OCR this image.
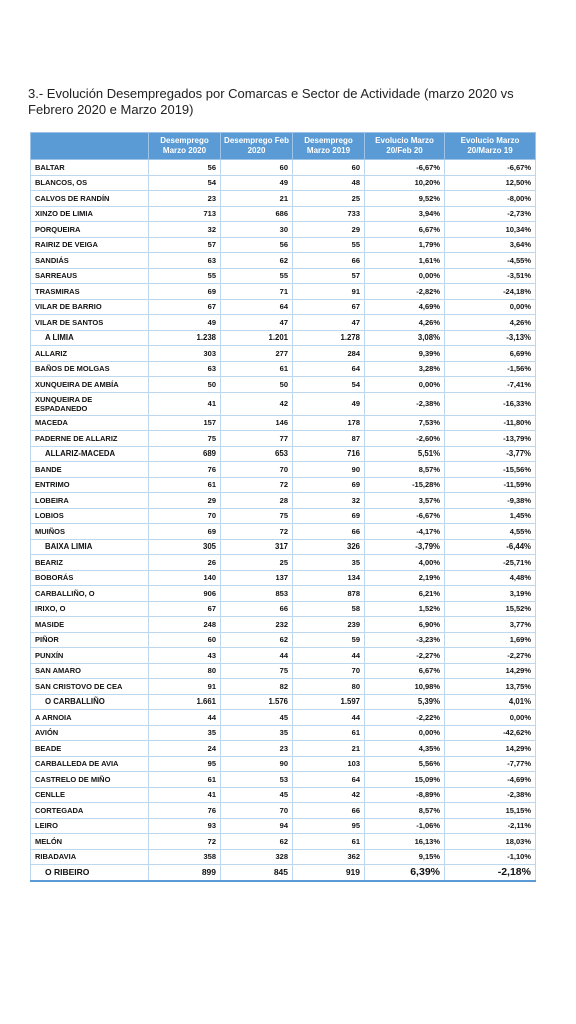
3.- Evolución Desempregados por Comarcas e Sector de Actividade (marzo 2020 vs Febrero 2020 e Marzo 2019)
	Desemprego Marzo 2020	Desemprego Feb 2020	Desemprego Marzo 2019	Evolucio Marzo 20/Feb 20	Evolucio Marzo 20/Marzo 19
BALTAR	56	60	60	-6,67%	-6,67%
BLANCOS, OS	54	49	48	10,20%	12,50%
CALVOS DE RANDÍN	23	21	25	9,52%	-8,00%
XINZO DE LIMIA	713	686	733	3,94%	-2,73%
PORQUEIRA	32	30	29	6,67%	10,34%
RAIRIZ DE VEIGA	57	56	55	1,79%	3,64%
SANDIÁS	63	62	66	1,61%	-4,55%
SARREAUS	55	55	57	0,00%	-3,51%
TRASMIRAS	69	71	91	-2,82%	-24,18%
VILAR DE BARRIO	67	64	67	4,69%	0,00%
VILAR DE SANTOS	49	47	47	4,26%	4,26%
A LIMIA	1.238	1.201	1.278	3,08%	-3,13%
ALLARIZ	303	277	284	9,39%	6,69%
BAÑOS DE MOLGAS	63	61	64	3,28%	-1,56%
XUNQUEIRA DE AMBÍA	50	50	54	0,00%	-7,41%
XUNQUEIRA DE ESPADANEDO	41	42	49	-2,38%	-16,33%
MACEDA	157	146	178	7,53%	-11,80%
PADERNE DE ALLARIZ	75	77	87	-2,60%	-13,79%
ALLARIZ-MACEDA	689	653	716	5,51%	-3,77%
BANDE	76	70	90	8,57%	-15,56%
ENTRIMO	61	72	69	-15,28%	-11,59%
LOBEIRA	29	28	32	3,57%	-9,38%
LOBIOS	70	75	69	-6,67%	1,45%
MUIÑOS	69	72	66	-4,17%	4,55%
BAIXA LIMIA	305	317	326	-3,79%	-6,44%
BEARIZ	26	25	35	4,00%	-25,71%
BOBORÁS	140	137	134	2,19%	4,48%
CARBALLIÑO, O	906	853	878	6,21%	3,19%
IRIXO, O	67	66	58	1,52%	15,52%
MASIDE	248	232	239	6,90%	3,77%
PIÑOR	60	62	59	-3,23%	1,69%
PUNXÍN	43	44	44	-2,27%	-2,27%
SAN AMARO	80	75	70	6,67%	14,29%
SAN CRISTOVO DE CEA	91	82	80	10,98%	13,75%
O CARBALLIÑO	1.661	1.576	1.597	5,39%	4,01%
A ARNOIA	44	45	44	-2,22%	0,00%
AVIÓN	35	35	61	0,00%	-42,62%
BEADE	24	23	21	4,35%	14,29%
CARBALLEDA DE AVIA	95	90	103	5,56%	-7,77%
CASTRELO DE MIÑO	61	53	64	15,09%	-4,69%
CENLLE	41	45	42	-8,89%	-2,38%
CORTEGADA	76	70	66	8,57%	15,15%
LEIRO	93	94	95	-1,06%	-2,11%
MELÓN	72	62	61	16,13%	18,03%
RIBADAVIA	358	328	362	9,15%	-1,10%
O RIBEIRO	899	845	919	6,39%	-2,18%
